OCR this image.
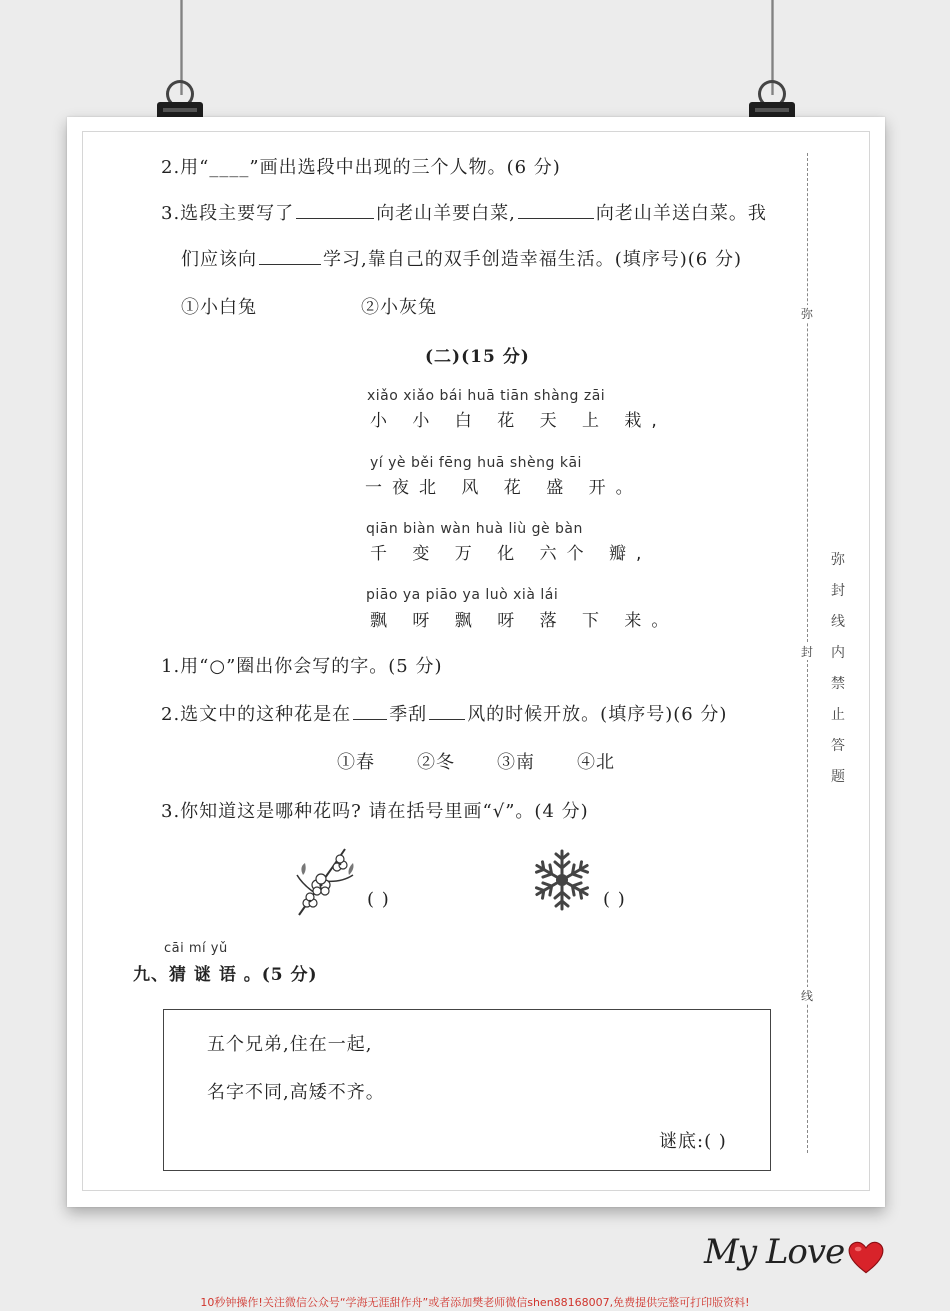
2.用“____”画出选段中出现的三个人物。(6 分)
3.选段主要写了	向老山羊要白菜,	向老山羊送白菜。我
们应该向	学习,靠自己的双手创造幸福生活。(填序号)(6 分)
①小白兔	②小灰兔
(二)(15 分)
xiǎo xiǎo bái huā tiān shàng zāi
小 小 白 花 天 上 栽,
yí yè běi fēng huā shèng kāi
一夜北 风 花 盛 开。
qiān biàn wàn huà liù gè bàn
千 变 万 化 六个 瓣,
piāo ya piāo ya luò xià lái
飘 呀 飘 呀 落 下 来。
1.用“○”圈出你会写的字。(5 分)
2.选文中的这种花是在 季刮 风的时候开放。(填序号)(6 分)
①春 ②冬 ③南 ④北
3.你知道这是哪种花吗? 请在括号里画“√”。(4 分)
( )	( )
cāi mí yǔ
九、猜 谜 语 。(5 分)
五个兄弟,住在一起,
名字不同,高矮不齐。
谜底:( )
弥
封
线
弥
封
线
内
禁
止
答
题
My Love
10秒钟操作!关注微信公众号“学海无涯甜作舟”或者添加樊老师微信shen88168007,免费提供完整可打印版资料!
